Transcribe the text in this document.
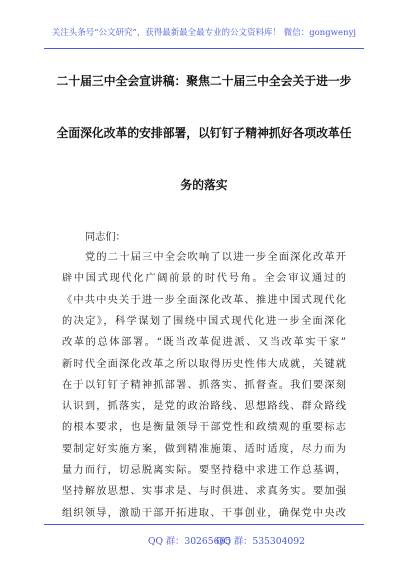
关注头条号“公文研究”，获得最新最全最专业的公文资料库！ 微信：gongwenyj
二十届三中全会宣讲稿：聚焦二十届三中全会关于进一步
全面深化改革的安排部署，以钉钉子精神抓好各项改革任
务的落实
同志们：
党的二十届三中全会吹响了以进一步全面深化改革开
辟中国式现代化广阔前景的时代号角。全会审议通过的
《中共中央关于进一步全面深化改革、推进中国式现代化
的决定》，科学谋划了围绕中国式现代化进一步全面深化
改革的总体部署。“既当改革促进派、又当改革实干家”
新时代全面深化改革之所以取得历史性伟大成就，关键就
在于以钉钉子精神抓部署、抓落实、抓督查。我们要深刻
认识到，抓落实，是党的政治路线、思想路线、群众路线
的根本要求，也是衡量领导干部党性和政绩观的重要标志
要制定好实施方案，做到精准施策、适时适度，尽力而为
量力而行，切忌脱离实际。要坚持稳中求进工作总基调，
坚持解放思想、实事求是、与时俱进、求真务实。要加强
组织领导，激励干部开拓进取、干事创业，确保党中央改
QQ 群：30265665
QQ 群：535304092
